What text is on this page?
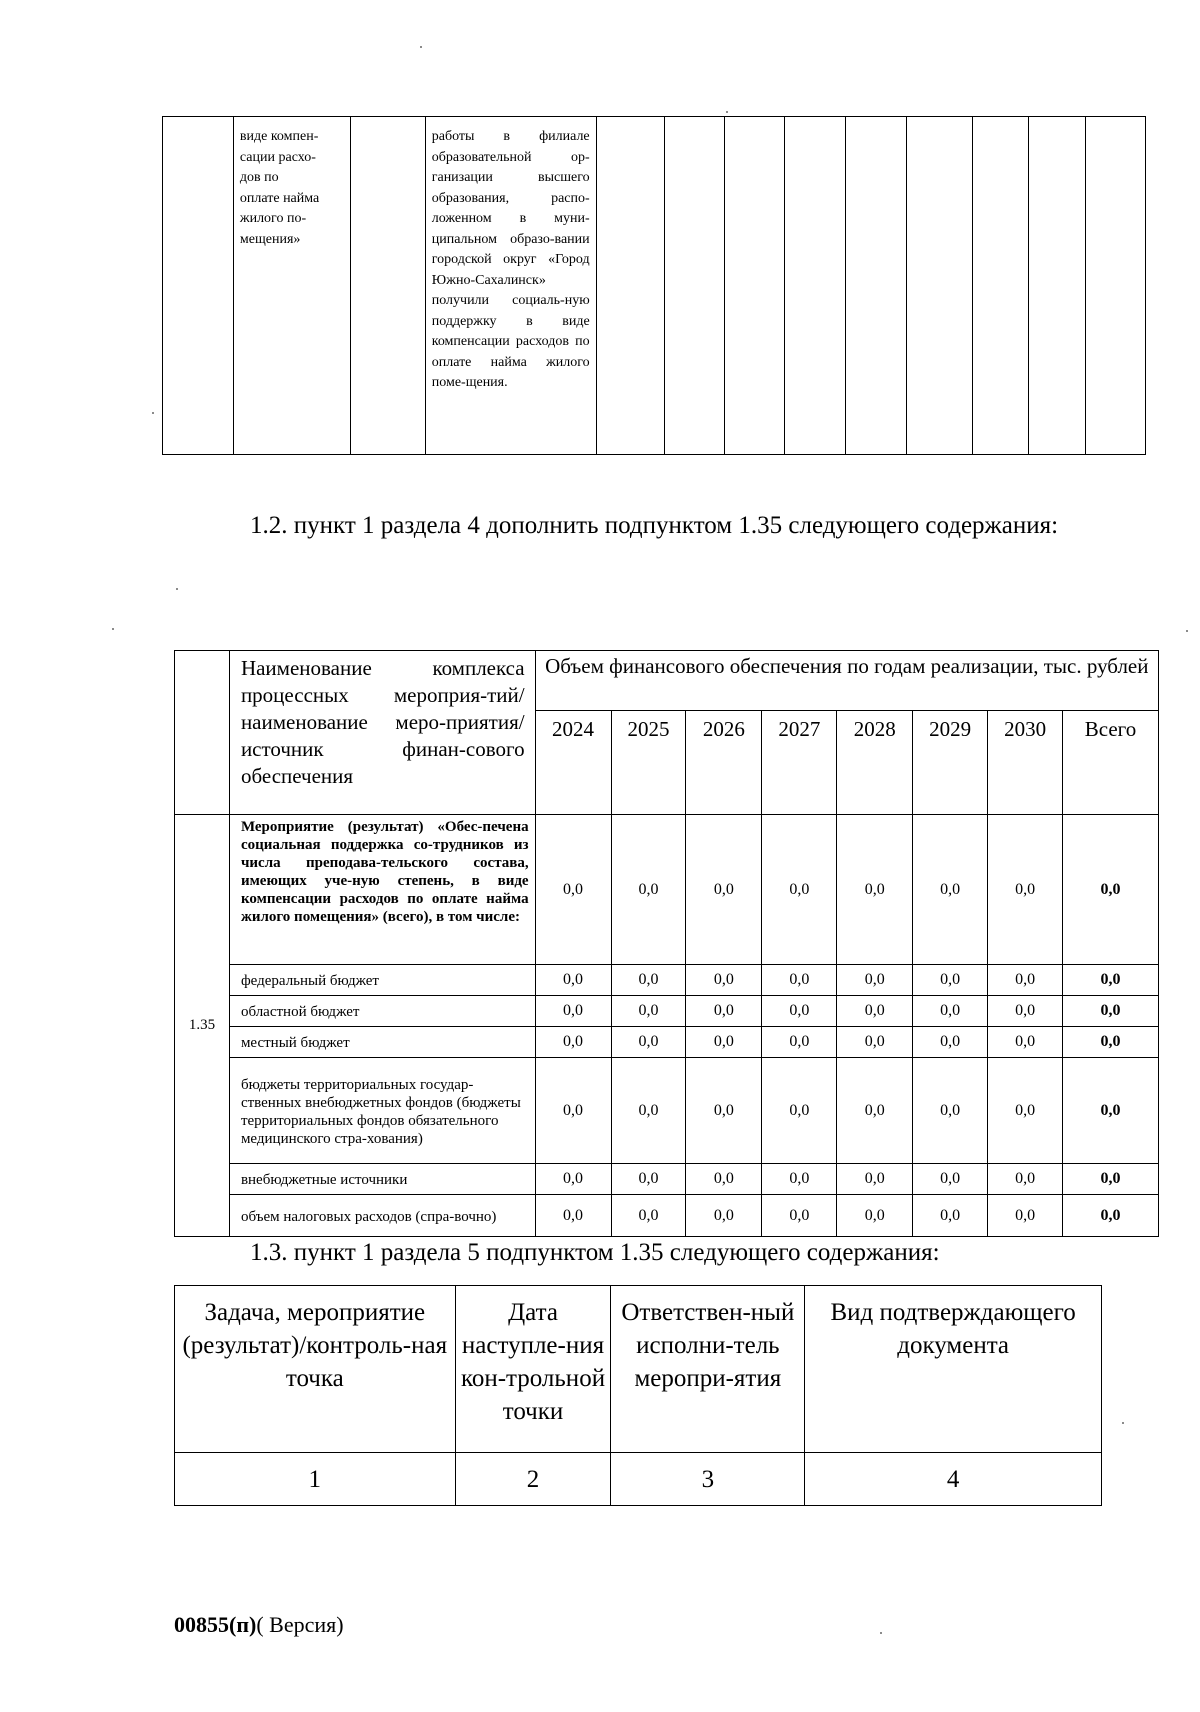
	виде компен-
сации расхо-
дов по
оплате найма
жилого по-
мещения»		работы в филиале образовательной ор-ганизации высшего образования, распо-ложенном в муни-ципальном образо-вании городской округ «Город Южно-Сахалинск» получили социаль-ную поддержку в виде компенсации расходов по оплате найма жилого поме-щения.									
1.2. пункт 1 раздела 4 дополнить подпунктом 1.35 следующего содержания:
	Наименование комплекса процессных мероприя-тий/наименование меро-приятия/источник финан-сового обеспечения	Объем финансового обеспечения по годам реализации, тыс. рублей							
		2024	2025	2026	2027	2028	2029	2030	Всего
1.35	Мероприятие (результат) «Обес-печена социальная поддержка со-трудников из числа преподава-тельского состава, имеющих уче-ную степень, в виде компенсации расходов по оплате найма жилого помещения» (всего), в том числе:	0,0	0,0	0,0	0,0	0,0	0,0	0,0	0,0
	федеральный бюджет	0,0	0,0	0,0	0,0	0,0	0,0	0,0	0,0
	областной бюджет	0,0	0,0	0,0	0,0	0,0	0,0	0,0	0,0
	местный бюджет	0,0	0,0	0,0	0,0	0,0	0,0	0,0	0,0
	бюджеты территориальных государ-ственных внебюджетных фондов (бюджеты территориальных фондов обязательного медицинского стра-хования)	0,0	0,0	0,0	0,0	0,0	0,0	0,0	0,0
	внебюджетные источники	0,0	0,0	0,0	0,0	0,0	0,0	0,0	0,0
	объем налоговых расходов (спра-вочно)	0,0	0,0	0,0	0,0	0,0	0,0	0,0	0,0
1.3. пункт 1 раздела 5 подпунктом 1.35 следующего содержания:
Задача, мероприятие (результат)/контроль-ная точка	Дата наступле-ния кон-трольной точки	Ответствен-ный исполни-тель меропри-ятия	Вид подтверждающего документа
1	2	3	4
00855(п)( Версия)
